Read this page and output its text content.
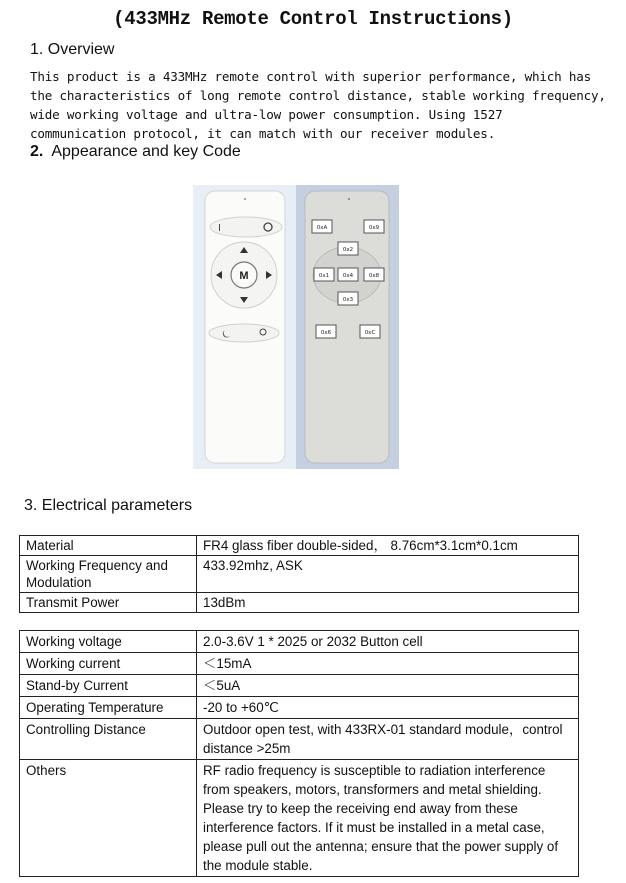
(433MHz Remote Control Instructions)
1. Overview
This product is a 433MHz remote control with superior performance, which has
the characteristics of long remote control distance, stable working frequency,
wide working voltage and ultra-low power consumption. Using 1527
communication protocol, it can match with our receiver modules.
2. Appearance and key Code
I
M
0xA	0x9
0x2
0x1 0x4	0x8
0x3
0x6	0xC
3. Electrical parameters
Material	FR4 glass fiber double-sided， 8.76cm*3.1cm*0.1cm
Working Frequency and Modulation	433.92mhz, ASK
Transmit Power	13dBm
Working voltage	2.0-3.6V 1 * 2025 or 2032 Button cell
Working current	＜15mA
Stand-by Current	＜5uA
Operating Temperature	-20 to +60℃
Controlling Distance	Outdoor open test, with 433RX-01 standard module，control distance >25m
Others	RF radio frequency is susceptible to radiation interference from speakers, motors, transformers and metal shielding. Please try to keep the receiving end away from these interference factors. If it must be installed in a metal case, please pull out the antenna; ensure that the power supply of the module stable.
